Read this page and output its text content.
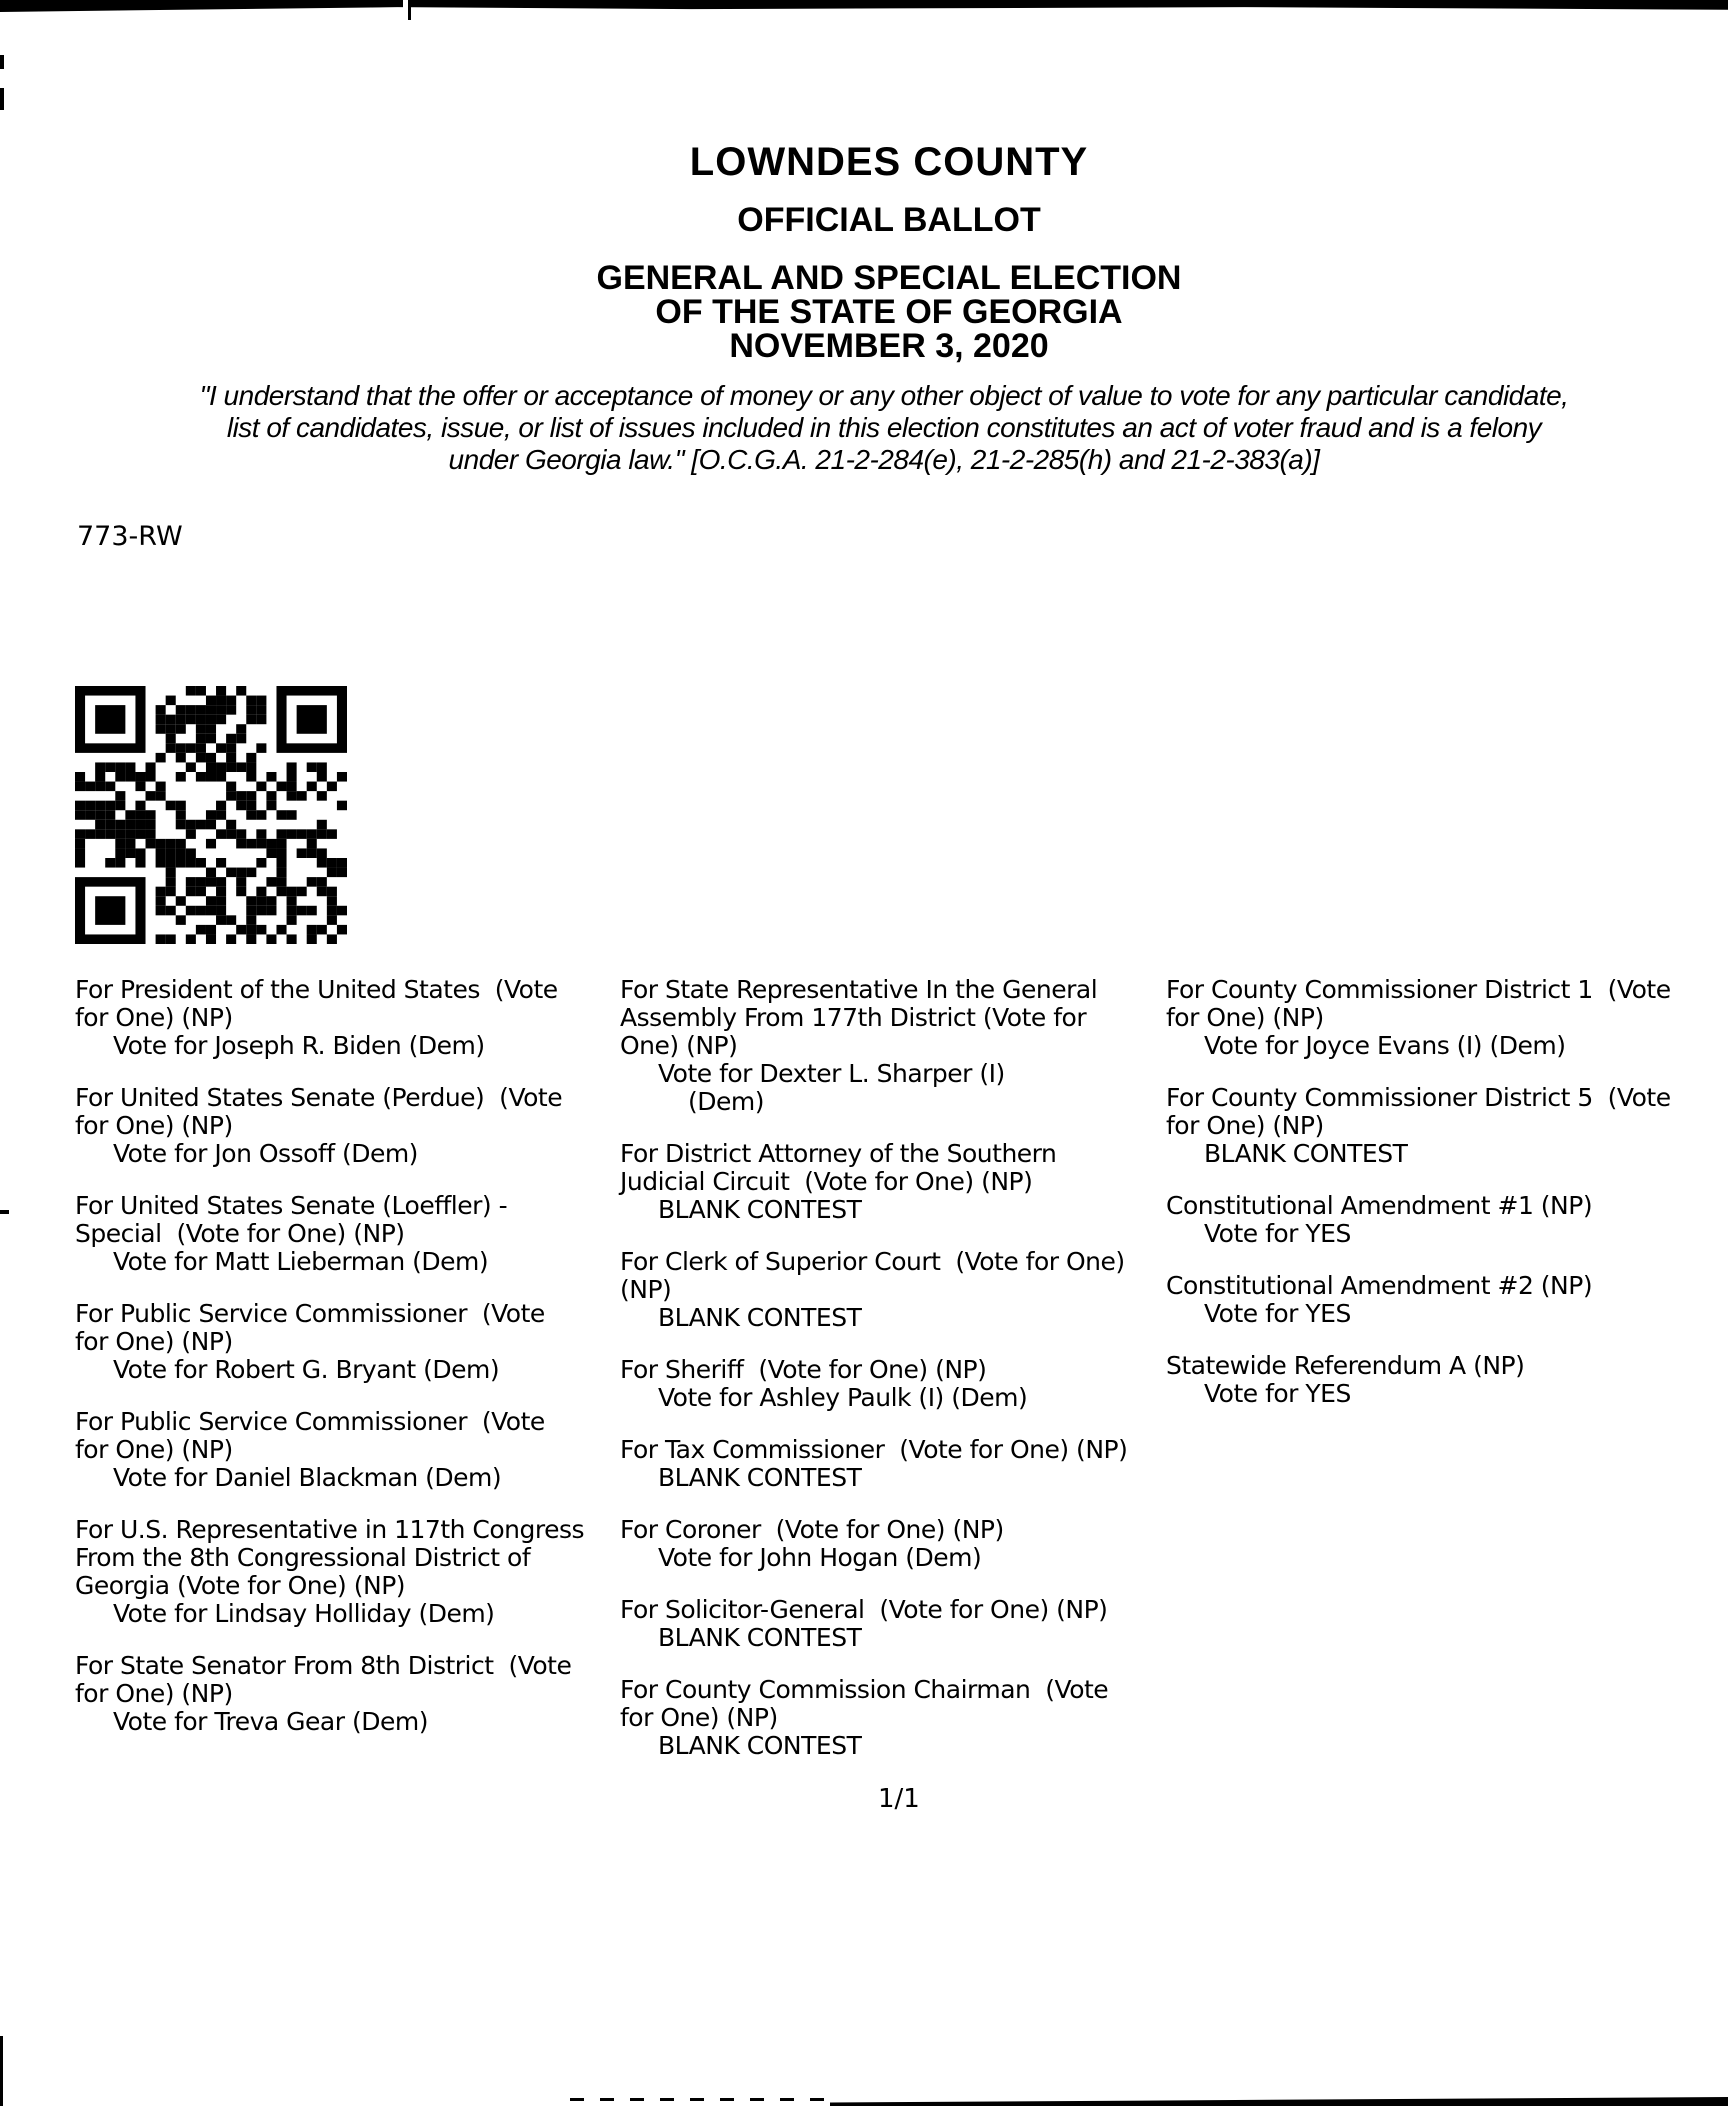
LOWNDES COUNTY
OFFICIAL BALLOT
GENERAL AND SPECIAL ELECTION
OF THE STATE OF GEORGIA
NOVEMBER 3, 2020
"I understand that the offer or acceptance of money or any other object of value to vote for any particular candidate,
list of candidates, issue, or list of issues included in this election constitutes an act of voter fraud and is a felony
under Georgia law." [O.C.G.A. 21-2-284(e), 21-2-285(h) and 21-2-383(a)]
773-RW
For President of the United States  (Vote
for One) (NP)
Vote for Joseph R. Biden (Dem)
For United States Senate (Perdue)  (Vote
for One) (NP)
Vote for Jon Ossoff (Dem)
For United States Senate (Loeffler) -
Special  (Vote for One) (NP)
Vote for Matt Lieberman (Dem)
For Public Service Commissioner  (Vote
for One) (NP)
Vote for Robert G. Bryant (Dem)
For Public Service Commissioner  (Vote
for One) (NP)
Vote for Daniel Blackman (Dem)
For U.S. Representative in 117th Congress
From the 8th Congressional District of
Georgia (Vote for One) (NP)
Vote for Lindsay Holliday (Dem)
For State Senator From 8th District  (Vote
for One) (NP)
Vote for Treva Gear (Dem)
For State Representative In the General
Assembly From 177th District (Vote for
One) (NP)
Vote for Dexter L. Sharper (I)
(Dem)
For District Attorney of the Southern
Judicial Circuit  (Vote for One) (NP)
BLANK CONTEST
For Clerk of Superior Court  (Vote for One)
(NP)
BLANK CONTEST
For Sheriff  (Vote for One) (NP)
Vote for Ashley Paulk (I) (Dem)
For Tax Commissioner  (Vote for One) (NP)
BLANK CONTEST
For Coroner  (Vote for One) (NP)
Vote for John Hogan (Dem)
For Solicitor-General  (Vote for One) (NP)
BLANK CONTEST
For County Commission Chairman  (Vote
for One) (NP)
BLANK CONTEST
For County Commissioner District 1  (Vote
for One) (NP)
Vote for Joyce Evans (I) (Dem)
For County Commissioner District 5  (Vote
for One) (NP)
BLANK CONTEST
Constitutional Amendment #1 (NP)
Vote for YES
Constitutional Amendment #2 (NP)
Vote for YES
Statewide Referendum A (NP)
Vote for YES
1/1
